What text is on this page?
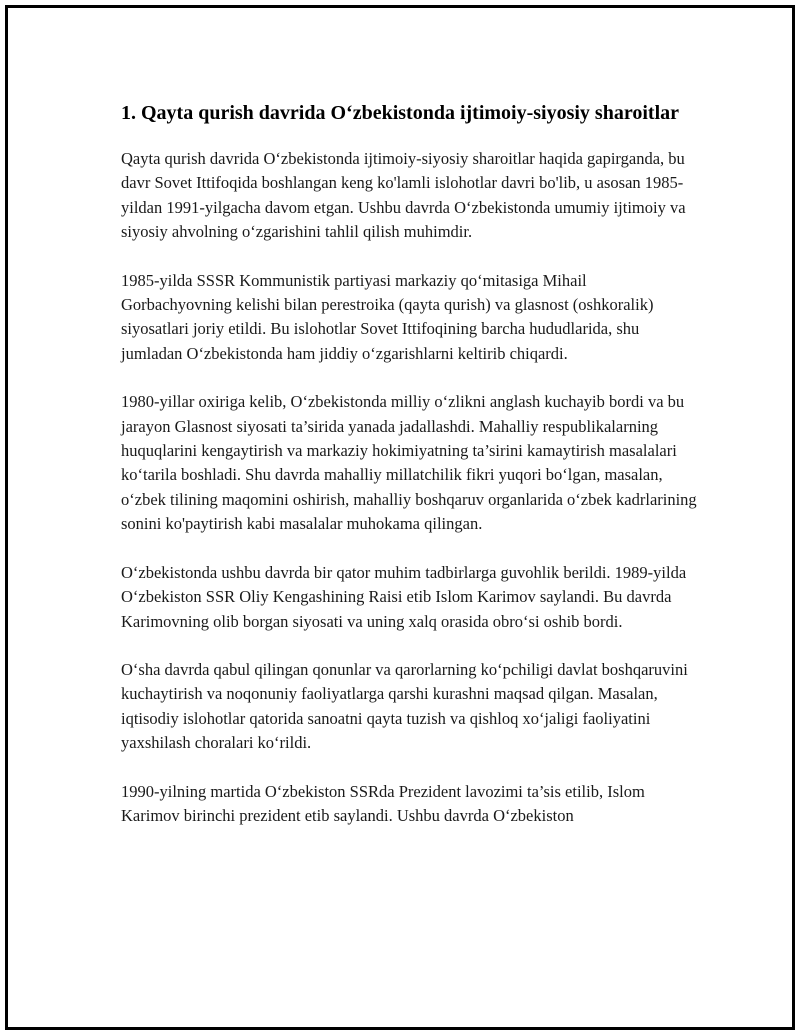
1. Qayta qurish davrida O‘zbekistonda ijtimoiy-siyosiy sharoitlar

Qayta qurish davrida O‘zbekistonda ijtimoiy-siyosiy sharoitlar haqida gapirganda, bu davr Sovet Ittifoqida boshlangan keng ko'lamli islohotlar davri bo'lib, u asosan 1985-yildan 1991-yilgacha davom etgan. Ushbu davrda O‘zbekistonda umumiy ijtimoiy va siyosiy ahvolning o‘zgarishini tahlil qilish muhimdir.

1985-yilda SSSR Kommunistik partiyasi markaziy qo‘mitasiga Mihail Gorbachyovning kelishi bilan perestroika (qayta qurish) va glasnost (oshkoralik) siyosatlari joriy etildi. Bu islohotlar Sovet Ittifoqining barcha hududlarida, shu jumladan O‘zbekistonda ham jiddiy o‘zgarishlarni keltirib chiqardi.

1980-yillar oxiriga kelib, O‘zbekistonda milliy o‘zlikni anglash kuchayib bordi va bu jarayon Glasnost siyosati ta’sirida yanada jadallashdi. Mahalliy respublikalarning huquqlarini kengaytirish va markaziy hokimiyatning ta’sirini kamaytirish masalalari ko‘tarila boshladi. Shu davrda mahalliy millatchilik fikri yuqori bo‘lgan, masalan, o‘zbek tilining maqomini oshirish, mahalliy boshqaruv organlarida o‘zbek kadrlarining sonini ko'paytirish kabi masalalar muhokama qilingan.

O‘zbekistonda ushbu davrda bir qator muhim tadbirlarga guvohlik berildi. 1989-yilda O‘zbekiston SSR Oliy Kengashining Raisi etib Islom Karimov saylandi. Bu davrda Karimovning olib borgan siyosati va uning xalq orasida obro‘si oshib bordi.

O‘sha davrda qabul qilingan qonunlar va qarorlarning ko‘pchiligi davlat boshqaruvini kuchaytirish va noqonuniy faoliyatlarga qarshi kurashni maqsad qilgan. Masalan, iqtisodiy islohotlar qatorida sanoatni qayta tuzish va qishloq xo‘jaligi faoliyatini yaxshilash choralari ko‘rildi.

1990-yilning martida O‘zbekiston SSRda Prezident lavozimi ta’sis etilib, Islom Karimov birinchi prezident etib saylandi. Ushbu davrda O‘zbekiston
